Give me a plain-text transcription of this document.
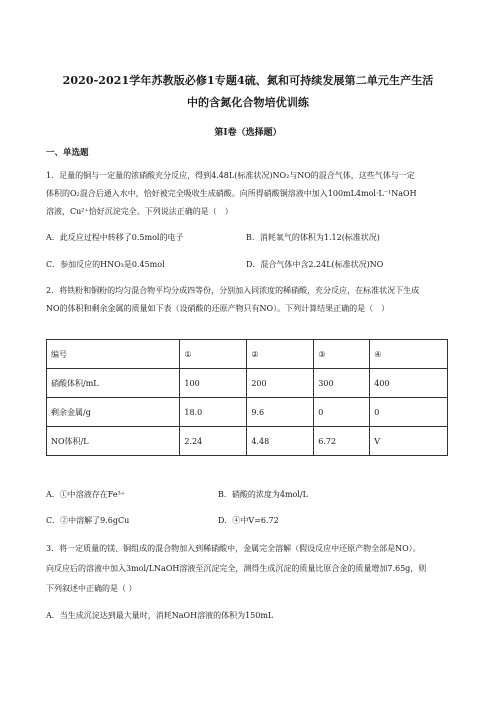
2020-2021学年苏教版必修1专题4硫、氮和可持续发展第二单元生产生活
中的含氮化合物培优训练
第I卷（选择题）
一、单选题
1．足量的铜与一定量的浓硝酸充分反应，得到4.48L(标准状况)NO₂与NO的混合气体，这些气体与一定
体积的O₂混合后通入水中，恰好被完全吸收生成硝酸。向所得硝酸铜溶液中加入100mL4mol·L⁻¹NaOH
溶液，Cu²⁺恰好沉淀完全。下列说法正确的是（　）
A．此反应过程中转移了0.5mol的电子	B．消耗氧气的体积为1.12(标准状况)
C．参加反应的HNO₃是0.45mol	D．混合气体中含2.24L(标准状况)NO
2．将铁粉和铜粉的均匀混合物平均分成四等份，分别加入同浓度的稀硝酸，充分反应，在标准状况下生成
NO的体积和剩余金属的质量如下表（设硝酸的还原产物只有NO）。下列计算结果正确的是（　）
编号	①	②	③	④
硝酸体积/mL	100	200	300	400
剩余金属/g	18.0	9.6	0	0
NO体积/L	2.24	4.48	6.72	V
A．①中溶液存在Fe³⁺	B．硝酸的浓度为4mol/L
C．②中溶解了9.6gCu	D．④中V=6.72
3．将一定质量的镁、铜组成的混合物加入到稀硝酸中，金属完全溶解（假设反应中还原产物全部是NO）。
向反应后的溶液中加入3mol/LNaOH溶液至沉淀完全，测得生成沉淀的质量比原合金的质量增加7.65g，则
下列叙述中正确的是（ ）
A．当生成沉淀达到最大量时，消耗NaOH溶液的体积为150mL
